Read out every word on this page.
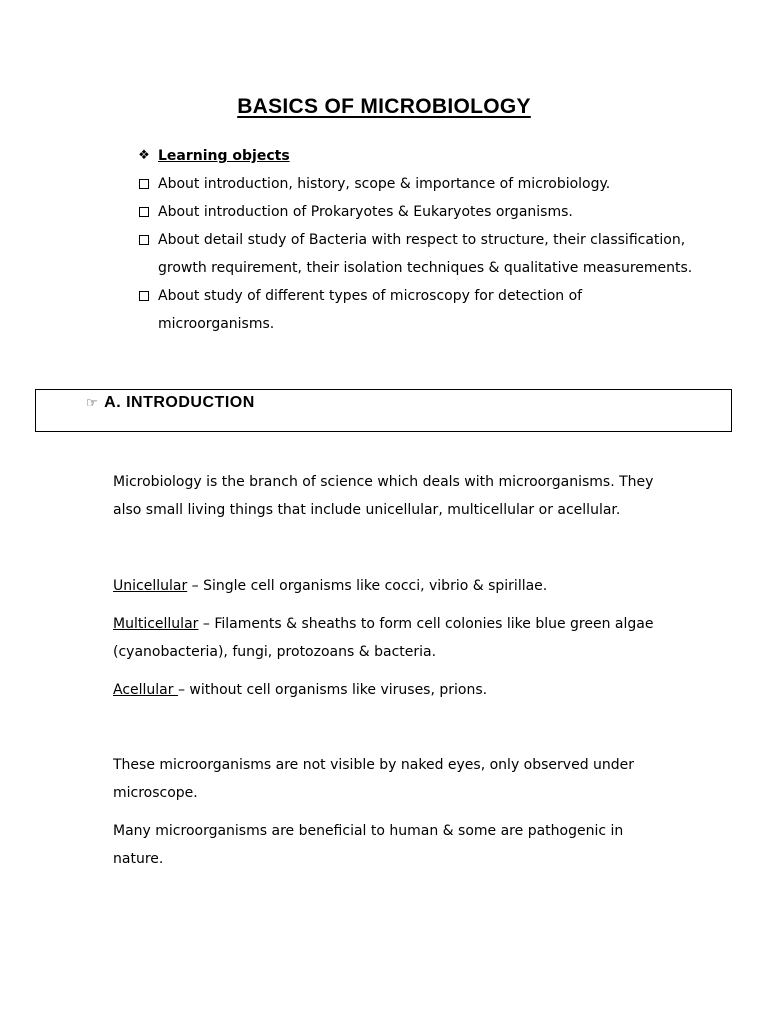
BASICS OF MICROBIOLOGY
❖ Learning objects
About introduction, history, scope & importance of microbiology.
About introduction of Prokaryotes & Eukaryotes organisms.
About detail study of Bacteria with respect to structure, their classification, growth requirement, their isolation techniques & qualitative measurements.
About study of different types of microscopy for detection of microorganisms.
☞ A. INTRODUCTION

Microbiology is the branch of science which deals with microorganisms. They also small living things that include unicellular, multicellular or acellular.

Unicellular – Single cell organisms like cocci, vibrio & spirillae.

Multicellular – Filaments & sheaths to form cell colonies like blue green algae (cyanobacteria), fungi, protozoans & bacteria.

Acellular – without cell organisms like viruses, prions.

These microorganisms are not visible by naked eyes, only observed under microscope.

Many microorganisms are beneficial to human & some are pathogenic in nature.
